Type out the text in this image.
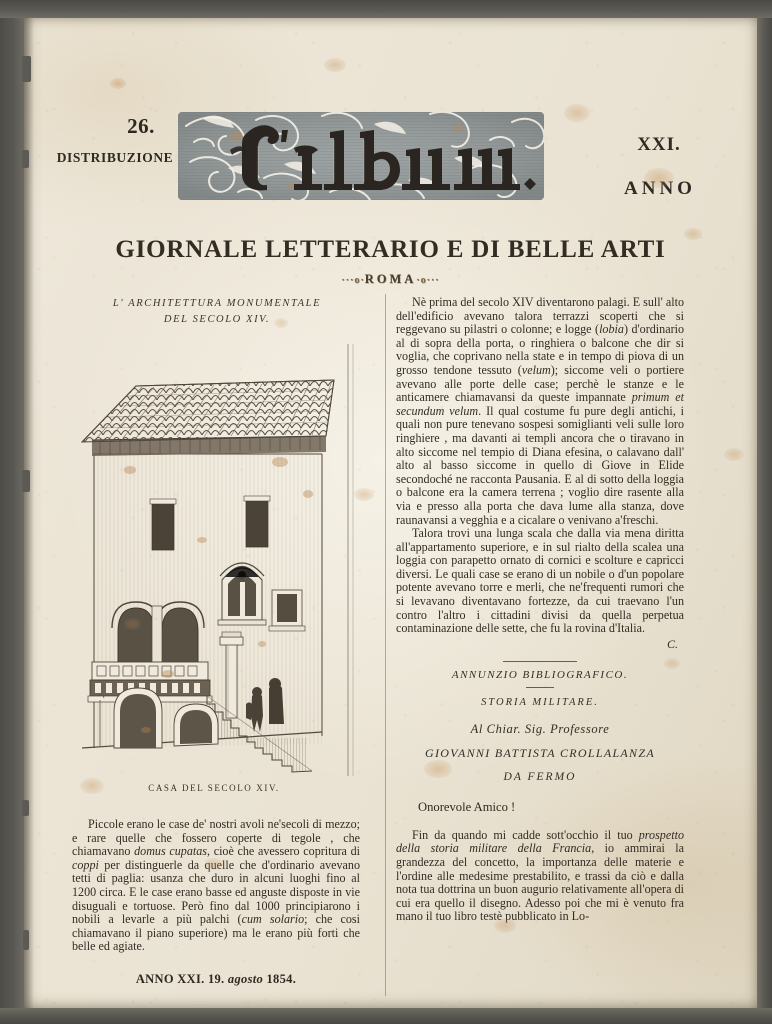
26.
DISTRIBUZIONE
XXI.
ANNO
GIORNALE LETTERARIO E DI BELLE ARTI
···o·ROMA·o···
L' ARCHITETTURA MONUMENTALE
DEL SECOLO XIV.
CASA DEL SECOLO XIV.

Piccole erano le case de' nostri avoli ne'secoli di mezzo; e rare quelle che fossero coperte di tegole , che chiamavano domus cupatas, cioè che avessero copritura di coppi per distinguerle da quelle che d'ordinario avevano tetti di paglia: usanza che duro in alcuni luoghi fino al 1200 circa. E le case erano basse ed anguste disposte in vie disuguali e tortuose. Però fino dal 1000 principiarono i nobili a levarle a più palchi (cum solario; che cosi chiamavano il piano superiore) ma le erano più forti che belle ed agiate.

ANNO XXI. 19. agosto 1854.

Nè prima del secolo XIV diventarono palagi. E sull' alto dell'edificio avevano talora terrazzi scoperti che si reggevano su pilastri o colonne; e logge (lobia) d'ordinario al di sopra della porta, o ringhiera o balcone che dir si voglia, che coprivano nella state e in tempo di piova di un grosso tendone tessuto (velum); siccome veli o portiere avevano alle porte delle case; perchè le stanze e le anticamere chiamavansi da queste impannate primum et secundum velum. Il qual costume fu pure degli antichi, i quali non pure tenevano sospesi somiglianti veli sulle loro ringhiere , ma davanti ai templi ancora che o tiravano in alto siccome nel tempio di Diana efesina, o calavano dall' alto al basso siccome in quello di Giove in Elide secondoché ne racconta Pausania. E al di sotto della loggia o balcone era la camera terrena ; voglio dire rasente alla via e presso alla porta che dava lume alla stanza, dove raunavansi a vegghia e a cicalare o venivano a'freschi.

Talora trovi una lunga scala che dalla via mena diritta all'appartamento superiore, e in sul rialto della scalea una loggia con parapetto ornato di cornici e scolture e capricci diversi. Le quali case se erano di un nobile o d'un popolare potente avevano torre e merli, che ne'frequenti rumori che si levavano diventavano fortezze, da cui traevano l'un contro l'altro i cittadini divisi da quella perpetua contaminazione delle sette, che fu la rovina d'Italia.

C.
ANNUNZIO BIBLIOGRAFICO.
STORIA MILITARE.
Al Chiar. Sig. Professore
GIOVANNI BATTISTA CROLLALANZA
DA FERMO
Onorevole Amico !

Fin da quando mi cadde sott'occhio il tuo prospetto della storia militare della Francia, io ammirai la grandezza del concetto, la importanza delle materie e l'ordine alle medesime prestabilito, e trassi da ciò e dalla nota tua dottrina un buon augurio relativamente all'opera di cui era quello il disegno. Adesso poi che mi è venuto fra mano il tuo libro testè pubblicato in Lo-
